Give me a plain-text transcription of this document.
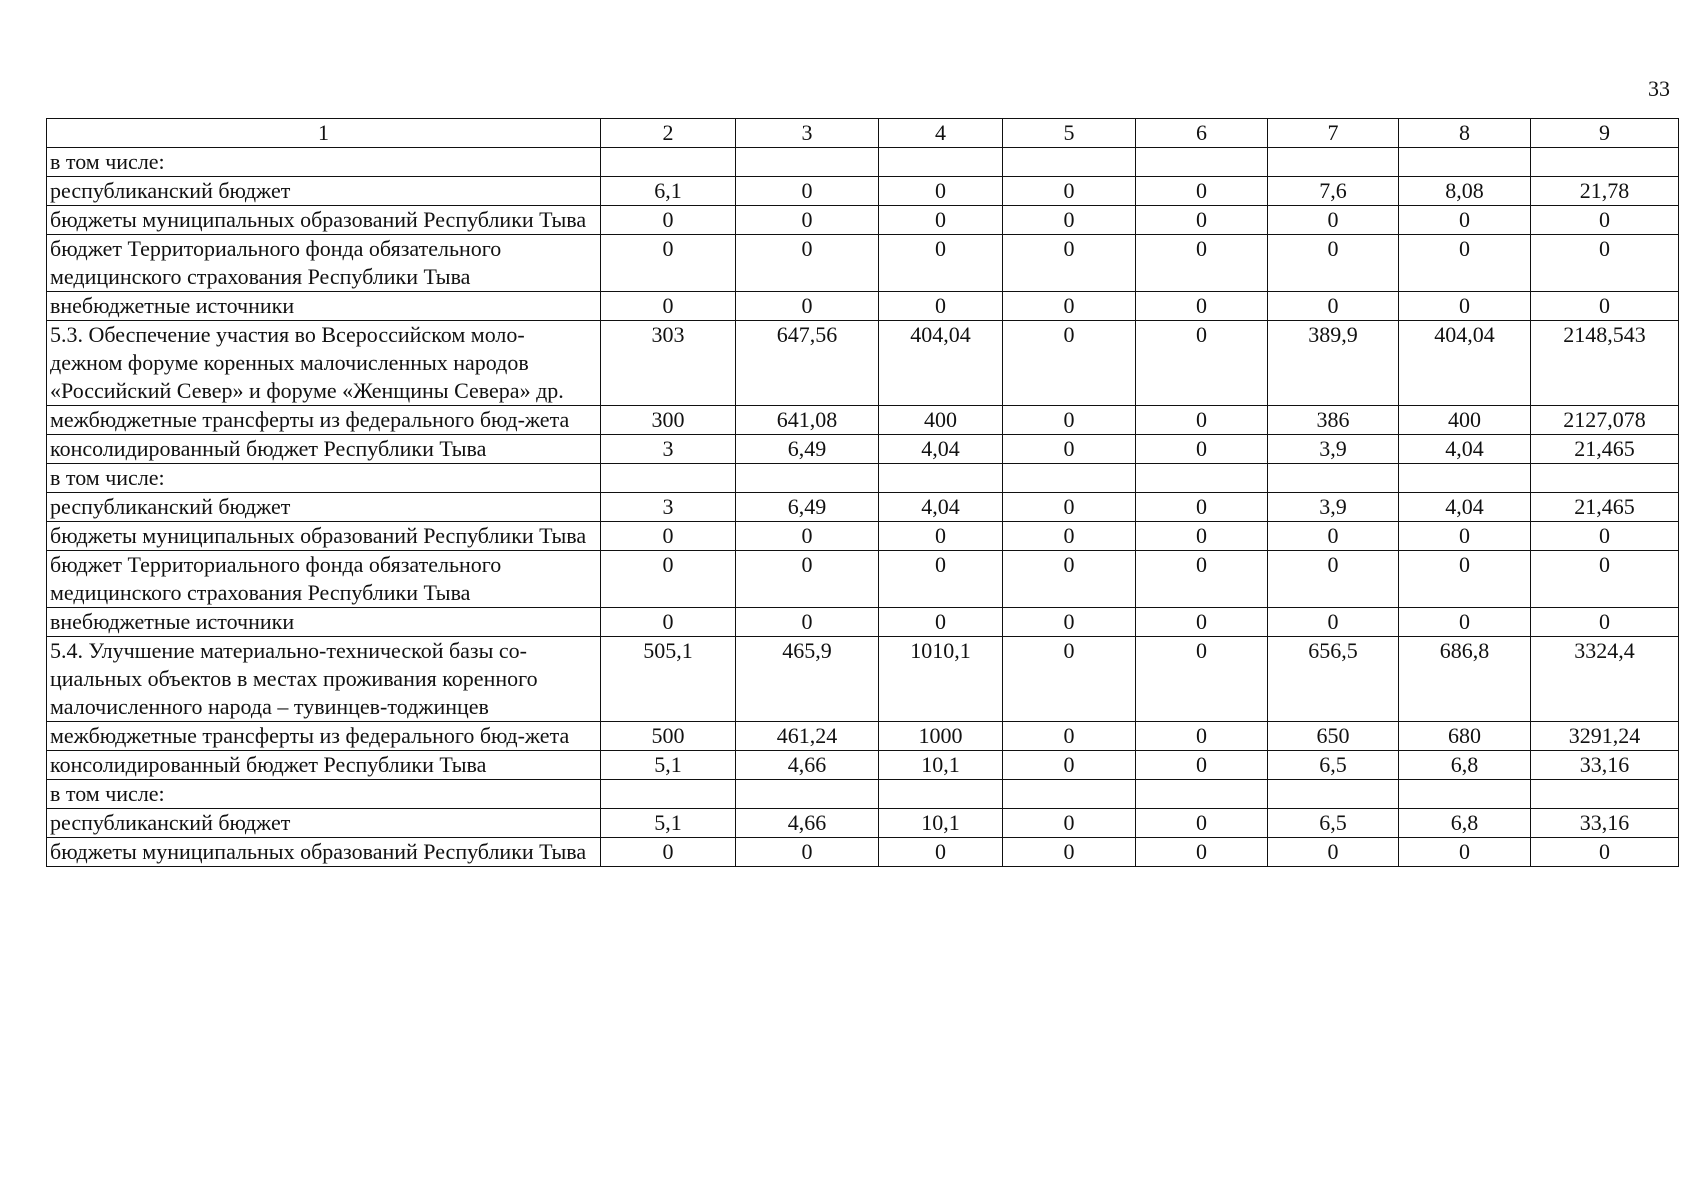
33
1	2	3	4	5	6	7	8	9
в том числе:								
республиканский бюджет	6,1	0	0	0	0	7,6	8,08	21,78
бюджеты муниципальных образований Республики Тыва	0	0	0	0	0	0	0	0
бюджет Территориального фонда обязательного медицинского страхования Республики Тыва	0	0	0	0	0	0	0	0
внебюджетные источники	0	0	0	0	0	0	0	0
5.3. Обеспечение участия во Всероссийском моло-дежном форуме коренных малочисленных народов «Российский Север» и форуме «Женщины Севера» др.	303	647,56	404,04	0	0	389,9	404,04	2148,543
межбюджетные трансферты из федерального бюд-жета	300	641,08	400	0	0	386	400	2127,078
консолидированный бюджет Республики Тыва	3	6,49	4,04	0	0	3,9	4,04	21,465
в том числе:								
республиканский бюджет	3	6,49	4,04	0	0	3,9	4,04	21,465
бюджеты муниципальных образований Республики Тыва	0	0	0	0	0	0	0	0
бюджет Территориального фонда обязательного медицинского страхования Республики Тыва	0	0	0	0	0	0	0	0
внебюджетные источники	0	0	0	0	0	0	0	0
5.4. Улучшение материально-технической базы со-циальных объектов в местах проживания коренного малочисленного народа – тувинцев-тоджинцев	505,1	465,9	1010,1	0	0	656,5	686,8	3324,4
межбюджетные трансферты из федерального бюд-жета	500	461,24	1000	0	0	650	680	3291,24
консолидированный бюджет Республики Тыва	5,1	4,66	10,1	0	0	6,5	6,8	33,16
в том числе:								
республиканский бюджет	5,1	4,66	10,1	0	0	6,5	6,8	33,16
бюджеты муниципальных образований Республики Тыва	0	0	0	0	0	0	0	0
